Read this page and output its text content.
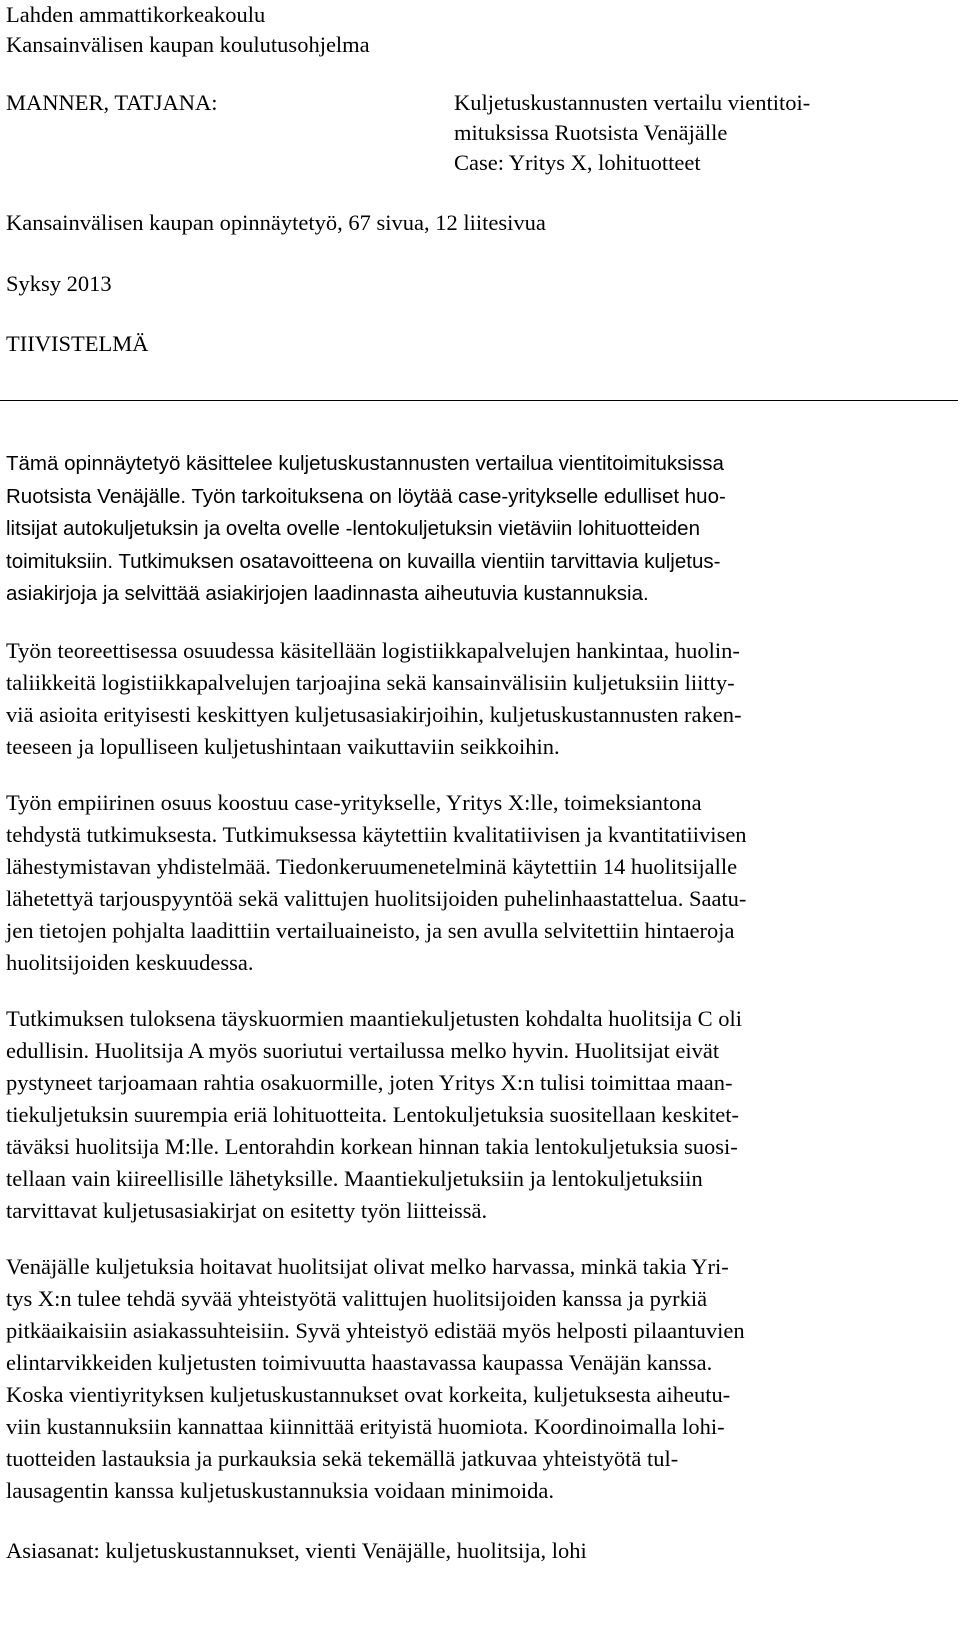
Lahden ammattikorkeakoulu
Kansainvälisen kaupan koulutusohjelma
MANNER, TATJANA:	Kuljetuskustannusten vertailu vientitoi-
mituksissa Ruotsista Venäjälle
Case: Yritys X, lohituotteet
Kansainvälisen kaupan opinnäytetyö, 67 sivua, 12 liitesivua
Syksy 2013
TIIVISTELMÄ
Tämä opinnäytetyö käsittelee kuljetuskustannusten vertailua vientitoimituksissa
Ruotsista Venäjälle. Työn tarkoituksena on löytää case-yritykselle edulliset huo-
litsijat autokuljetuksin ja ovelta ovelle -lentokuljetuksin vietäviin lohituotteiden
toimituksiin. Tutkimuksen osatavoitteena on kuvailla vientiin tarvittavia kuljetus-
asiakirjoja ja selvittää asiakirjojen laadinnasta aiheutuvia kustannuksia.
Työn teoreettisessa osuudessa käsitellään logistiikkapalvelujen hankintaa, huolin-
taliikkeitä logistiikkapalvelujen tarjoajina sekä kansainvälisiin kuljetuksiin liitty-
viä asioita erityisesti keskittyen kuljetusasiakirjoihin, kuljetuskustannusten raken-
teeseen ja lopulliseen kuljetushintaan vaikuttaviin seikkoihin.
Työn empiirinen osuus koostuu case-yritykselle, Yritys X:lle, toimeksiantona
tehdystä tutkimuksesta. Tutkimuksessa käytettiin kvalitatiivisen ja kvantitatiivisen
lähestymistavan yhdistelmää. Tiedonkeruumenetelminä käytettiin 14 huolitsijalle
lähetettyä tarjouspyyntöä sekä valittujen huolitsijoiden puhelinhaastattelua. Saatu-
jen tietojen pohjalta laadittiin vertailuaineisto, ja sen avulla selvitettiin hintaeroja
huolitsijoiden keskuudessa.
Tutkimuksen tuloksena täyskuormien maantiekuljetusten kohdalta huolitsija C oli
edullisin. Huolitsija A myös suoriutui vertailussa melko hyvin. Huolitsijat eivät
pystyneet tarjoamaan rahtia osakuormille, joten Yritys X:n tulisi toimittaa maan-
tiekuljetuksin suurempia eriä lohituotteita. Lentokuljetuksia suositellaan keskitet-
täväksi huolitsija M:lle. Lentorahdin korkean hinnan takia lentokuljetuksia suosi-
tellaan vain kiireellisille lähetyksille. Maantiekuljetuksiin ja lentokuljetuksiin
tarvittavat kuljetusasiakirjat on esitetty työn liitteissä.
Venäjälle kuljetuksia hoitavat huolitsijat olivat melko harvassa, minkä takia Yri-
tys X:n tulee tehdä syvää yhteistyötä valittujen huolitsijoiden kanssa ja pyrkiä
pitkäaikaisiin asiakassuhteisiin. Syvä yhteistyö edistää myös helposti pilaantuvien
elintarvikkeiden kuljetusten toimivuutta haastavassa kaupassa Venäjän kanssa.
Koska vientiyrityksen kuljetuskustannukset ovat korkeita, kuljetuksesta aiheutu-
viin kustannuksiin kannattaa kiinnittää erityistä huomiota. Koordinoimalla lohi-
tuotteiden lastauksia ja purkauksia sekä tekemällä jatkuvaa yhteistyötä tul-
lausagentin kanssa kuljetuskustannuksia voidaan minimoida.
Asiasanat: kuljetuskustannukset, vienti Venäjälle, huolitsija, lohi
